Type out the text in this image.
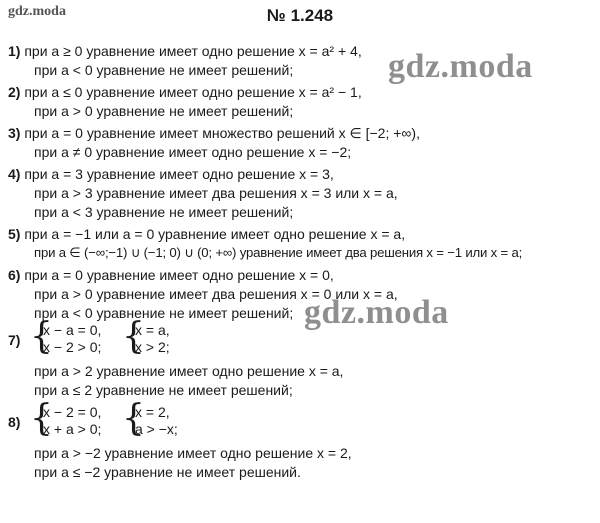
gdz.moda
gdz.moda
gdz.moda
№ 1.248
1) при a ≥ 0 уравнение имеет одно решение x = a² + 4,
при a < 0 уравнение не имеет решений;
2) при a ≤ 0 уравнение имеет одно решение x = a² − 1,
при a > 0 уравнение не имеет решений;
3) при a = 0 уравнение имеет множество решений x ∈ [−2; +∞),
при a ≠ 0 уравнение имеет одно решение x = −2;
4) при a = 3 уравнение имеет одно решение x = 3,
при a > 3 уравнение имеет два решения x = 3 или x = a,
при a < 3 уравнение не имеет решений;
5) при a = −1 или a = 0 уравнение имеет одно решение x = a,
при a ∈ (−∞;−1) ∪ (−1; 0) ∪ (0; +∞) уравнение имеет два решения x = −1 или x = a;
6) при a = 0 уравнение имеет одно решение x = 0,
при a > 0 уравнение имеет два решения x = 0 или x = a,
при a < 0 уравнение не имеет решений;
7) {
x − a = 0,
x − 2 > 0; {
x = a,
x > 2;
при a > 2 уравнение имеет одно решение x = a,
при a ≤ 2 уравнение не имеет решений;
8) {
x − 2 = 0,
x + a > 0; {
x = 2,
a > −x;
при a > −2 уравнение имеет одно решение x = 2,
при a ≤ −2 уравнение не имеет решений.
